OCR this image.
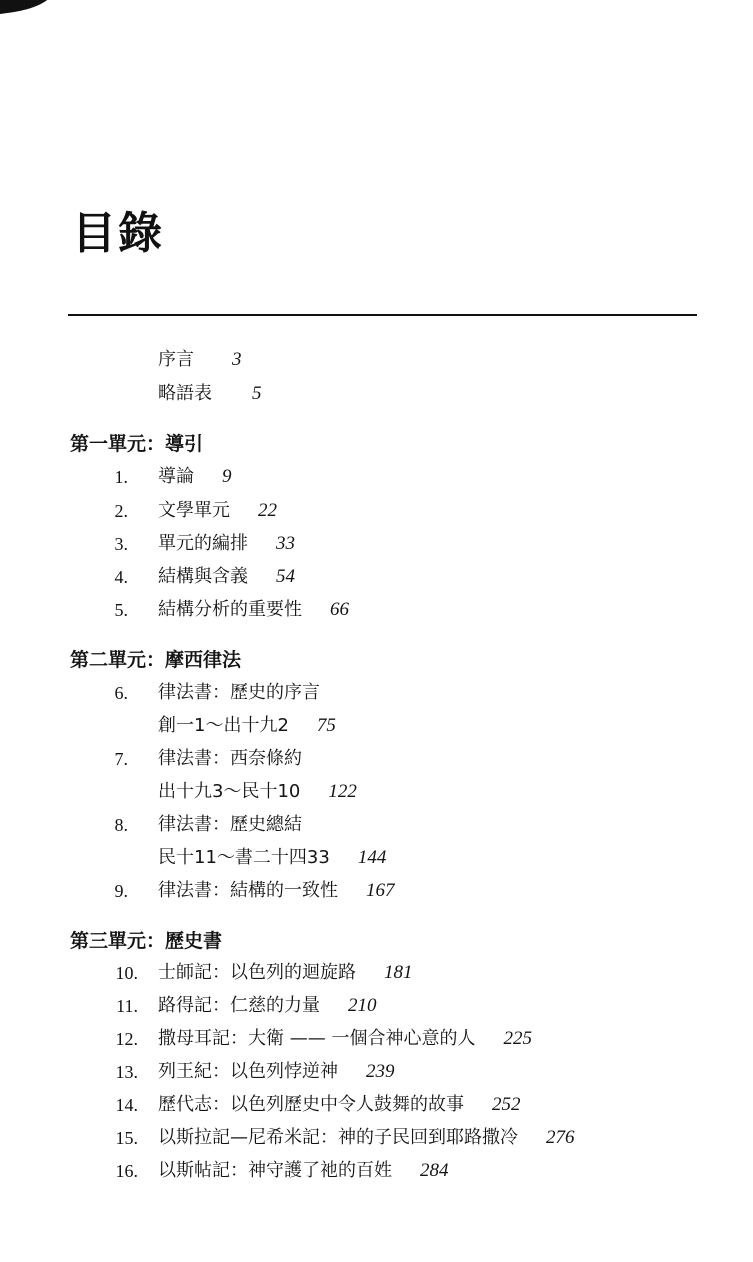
目錄
序言 3
略語表 5
第一單元：導引
1. 導論 9
2. 文學單元 22
3. 單元的編排 33
4. 結構與含義 54
5. 結構分析的重要性 66
第二單元：摩西律法
6. 律法書：歷史的序言
創一1～出十九2 75
7. 律法書：西奈條約
出十九3～民十10 122
8. 律法書：歷史總結
民十11～書二十四33 144
9. 律法書：結構的一致性 167
第三單元：歷史書
10. 士師記：以色列的迴旋路 181
11. 路得記：仁慈的力量 210
12. 撒母耳記：大衛 —— 一個合神心意的人 225
13. 列王紀：以色列悖逆神 239
14. 歷代志：以色列歷史中令人鼓舞的故事 252
15. 以斯拉記—尼希米記：神的子民回到耶路撒冷 276
16. 以斯帖記：神守護了祂的百姓 284
